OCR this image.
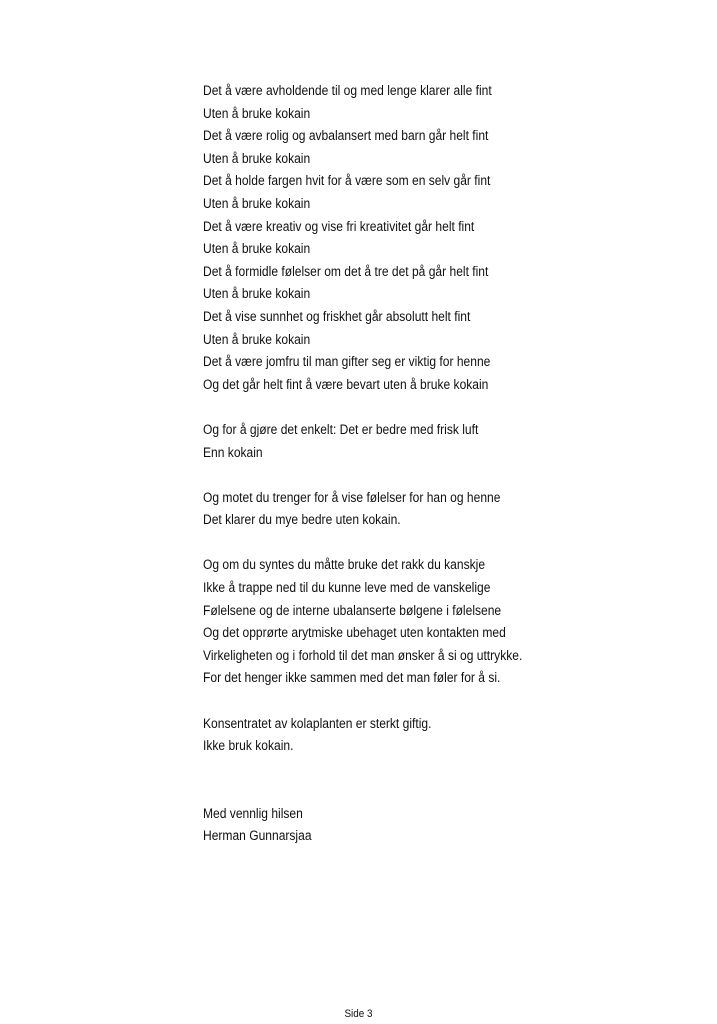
Det å være avholdende til og med lenge klarer alle fint
Uten å bruke kokain
Det å være rolig og avbalansert med barn går helt fint
Uten å bruke kokain
Det å holde fargen hvit for å være som en selv går fint
Uten å bruke kokain
Det å være kreativ og vise fri kreativitet går helt fint
Uten å bruke kokain
Det å formidle følelser om det å tre det på går helt fint
Uten å bruke kokain
Det å vise sunnhet og friskhet går absolutt helt fint
Uten å bruke kokain
Det å være jomfru til man gifter seg er viktig for henne
Og det går helt fint å være bevart uten å bruke kokain
Og for å gjøre det enkelt: Det er bedre med frisk luft
Enn kokain
Og motet du trenger for å vise følelser for han og henne
Det klarer du mye bedre uten kokain.
Og om du syntes du måtte bruke det rakk du kanskje
Ikke å trappe ned til du kunne leve med de vanskelige
Følelsene og de interne ubalanserte bølgene i følelsene
Og det opprørte arytmiske ubehaget uten kontakten med
Virkeligheten og i forhold til det man ønsker å si og uttrykke.
For det henger ikke sammen med det man føler for å si.
Konsentratet av kolaplanten er sterkt giftig.
Ikke bruk kokain.
Med vennlig hilsen
Herman Gunnarsjaa
Side 3
